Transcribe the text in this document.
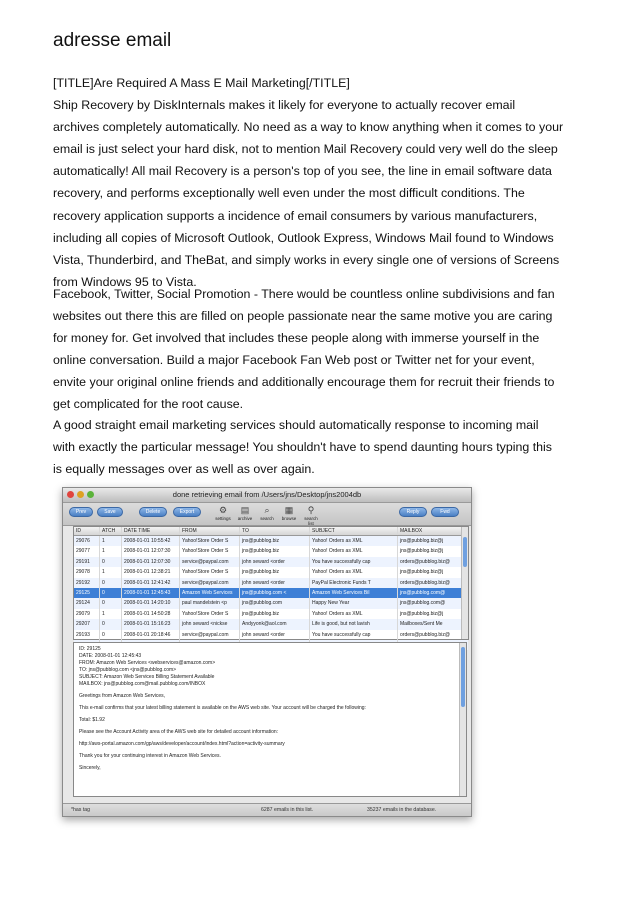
adresse email
[TITLE]Are Required A Mass E Mail Marketing[/TITLE]
Ship Recovery by DiskInternals makes it likely for everyone to actually recover email
archives completely automatically. No need as a way to know anything when it comes to your
email is just select your hard disk, not to mention Mail Recovery could very well do the sleep
automatically! All mail Recovery is a person's top of you see, the line in email software data
recovery, and performs exceptionally well even under the most difficult conditions. The
recovery application supports a incidence of email consumers by various manufacturers,
including all copies of Microsoft Outlook, Outlook Express, Windows Mail found to Windows
Vista, Thunderbird, and TheBat, and simply works in every single one of versions of Screens
from Windows 95 to Vista.
Facebook, Twitter, Social Promotion - There would be countless online subdivisions and fan
websites out there this are filled on people passionate near the same motive you are caring
for money for. Get involved that includes these people along with immerse yourself in the
online conversation. Build a major Facebook Fan Web post or Twitter net for your event,
envite your original online friends and additionally encourage them for recruit their friends to
get complicated for the root cause.
A good straight email marketing services should automatically response to incoming mail
with exactly the particular message! You shouldn't have to spend daunting hours typing this
is equally messages over as well as over again.
done retrieving email from /Users/jns/Desktop/jns2004db
Prev	Save	Delete	Export	⚙
settings
▤
archive
⌕
search
▦
browse
⚲
search list
Reply	Fwd
ID	ATCH	DATE TIME	FROM	TO	SUBJECT	MAILBOX
29076	1	2008-01-01 10:55:42	Yahoo!Store Order S	jns@pubblog.biz	Yahoo! Orders as XML	jns@pubblog.biz@j
29077	1	2008-01-01 12:07:30	Yahoo!Store Order S	jns@pubblog.biz	Yahoo! Orders as XML	jns@pubblog.biz@j
29191	0	2008-01-01 12:07:30	service@paypal.com	john seward <order	You have successfully cap	orders@pubblog.biz@
29078	1	2008-01-01 12:38:21	Yahoo!Store Order S	jns@pubblog.biz	Yahoo! Orders as XML	jns@pubblog.biz@j
29192	0	2008-01-01 12:41:42	service@paypal.com	john seward <order	PayPal Electronic Funds T	orders@pubblog.biz@
29125	0	2008-01-01 12:45:43	Amazon Web Services	jns@pubblog.com <	Amazon Web Services Bil	jns@pubblog.com@
29124	0	2008-01-01 14:20:10	paul mandelstein <p	jns@pubblog.com	Happy New Year	jns@pubblog.com@
29079	1	2008-01-01 14:50:28	Yahoo!Store Order S	jns@pubblog.biz	Yahoo! Orders as XML	jns@pubblog.biz@j
29207	0	2008-01-01 15:16:23	john seward <nickse	Andyyonk@aol.com	Life is good, but not lavish	Mailboxes/Sent Me
29193	0	2008-01-01 20:18:46	service@paypal.com	john seward <order	You have successfully cap	orders@pubblog.biz@
ID: 29125
DATE: 2008-01-01 12:45:43
FROM: Amazon Web Services <webservices@amazon.com>
TO: jns@pubblog.com <jns@pubblog.com>
SUBJECT: Amazon Web Services Billing Statement Available
MAILBOX: jns@pubblog.com@mail.pubblog.com/INBOX
Greetings from Amazon Web Services,
This e-mail confirms that your latest billing statement is available on the AWS web site. Your account will be charged the following:
Total: $1.92
Please see the Account Activity area of the AWS web site for detailed account information:
http://aws-portal.amazon.com/gp/aws/developer/account/index.html?action=activity-summary
Thank you for your continuing interest in Amazon Web Services.
Sincerely,
*has tag	6287 emails in this list.	35237 emails in the database.
